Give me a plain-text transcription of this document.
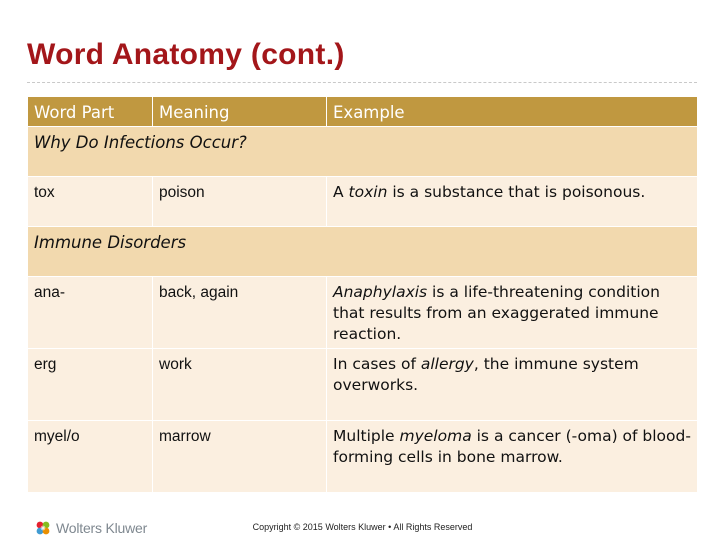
Word Anatomy (cont.)
Word Part	Meaning	Example
Why Do Infections Occur?		
tox	poison	A toxin is a substance that is poisonous.
Immune Disorders		
ana-	back, again	Anaphylaxis is a life-threatening condition that results from an exaggerated immune reaction.
erg	work	In cases of allergy, the immune system overworks.
myel/o	marrow	Multiple myeloma is a cancer (-oma) of blood-forming cells in bone marrow.
Wolters Kluwer	Copyright © 2015 Wolters Kluwer • All Rights Reserved
